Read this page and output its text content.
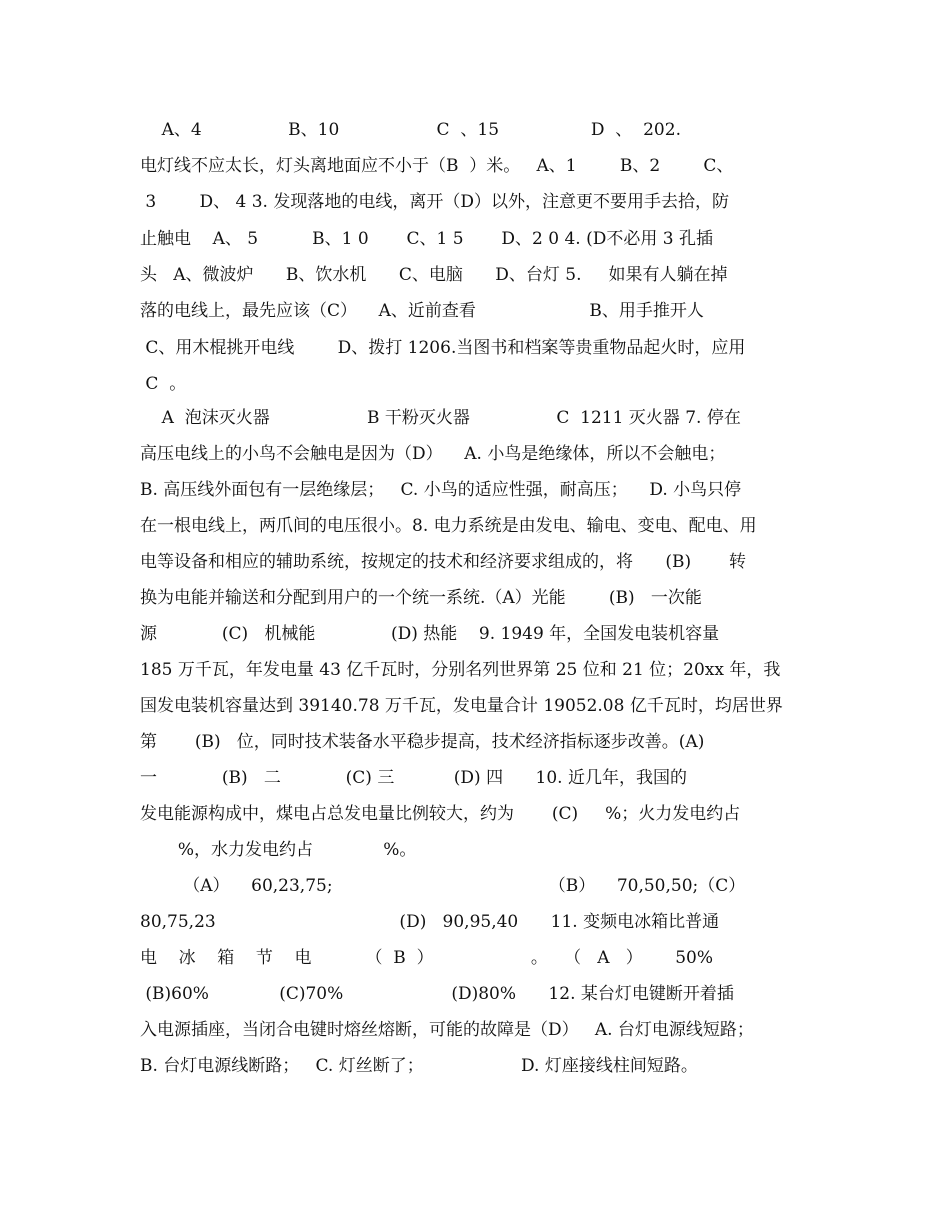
A、4                B、10                  C  、15                 D  、  202.
电灯线不应太长，灯头离地面应不小于（B  ）米。   A、1        B、2        C、
3        D、 4 3. 发现落地的电线，离开（D）以外，注意更不要用手去拾，防
止触电    A、 5          B、1 0       C、1 5       D、2 0 4. (D不必用 3 孔插
头   A、微波炉      B、饮水机      C、电脑      D、台灯 5.     如果有人躺在掉
落的电线上，最先应该（C）    A、近前查看                     B、用手推开人
C、用木棍挑开电线        D、拨打 1206.当图书和档案等贵重物品起火时，应用
C  。
A  泡沫灭火器                  B 干粉灭火器                C  1211 灭火器 7. 停在
高压电线上的小鸟不会触电是因为（D）    A. 小鸟是绝缘体，所以不会触电；
B. 高压线外面包有一层绝缘层；   C. 小鸟的适应性强，耐高压；    D. 小鸟只停
在一根电线上，两爪间的电压很小。8. 电力系统是由发电、输电、变电、配电、用
电等设备和相应的辅助系统，按规定的技术和经济要求组成的，将      (B)       转
换为电能并输送和分配到用户的一个统一系统.（A）光能        (B)   一次能
源            (C)   机械能              (D) 热能    9. 1949 年，全国发电装机容量
185 万千瓦，年发电量 43 亿千瓦时，分别名列世界第 25 位和 21 位；20xx 年，我
国发电装机容量达到 39140.78 万千瓦，发电量合计 19052.08 亿千瓦时，均居世界
第       (B)   位，同时技术装备水平稳步提高，技术经济指标逐步改善。(A)
一            (B)   二            (C) 三           (D) 四      10. 近几年，我国的
发电能源构成中，煤电占总发电量比例较大，约为       (C)     %；火力发电约占
%，水力发电约占             %。
（A）    60,23,75;                                        （B）    70,50,50;（C）
80,75,23                                  (D)   90,95,40      11. 变频电冰箱比普通
电    冰    箱    节    电          （  B  ）                  。   （   A   ）      50%
(B)60%             (C)70%                    (D)80%      12. 某台灯电键断开着插
入电源插座，当闭合电键时熔丝熔断，可能的故障是（D）   A. 台灯电源线短路；
B. 台灯电源线断路；   C. 灯丝断了；                  D. 灯座接线柱间短路。
